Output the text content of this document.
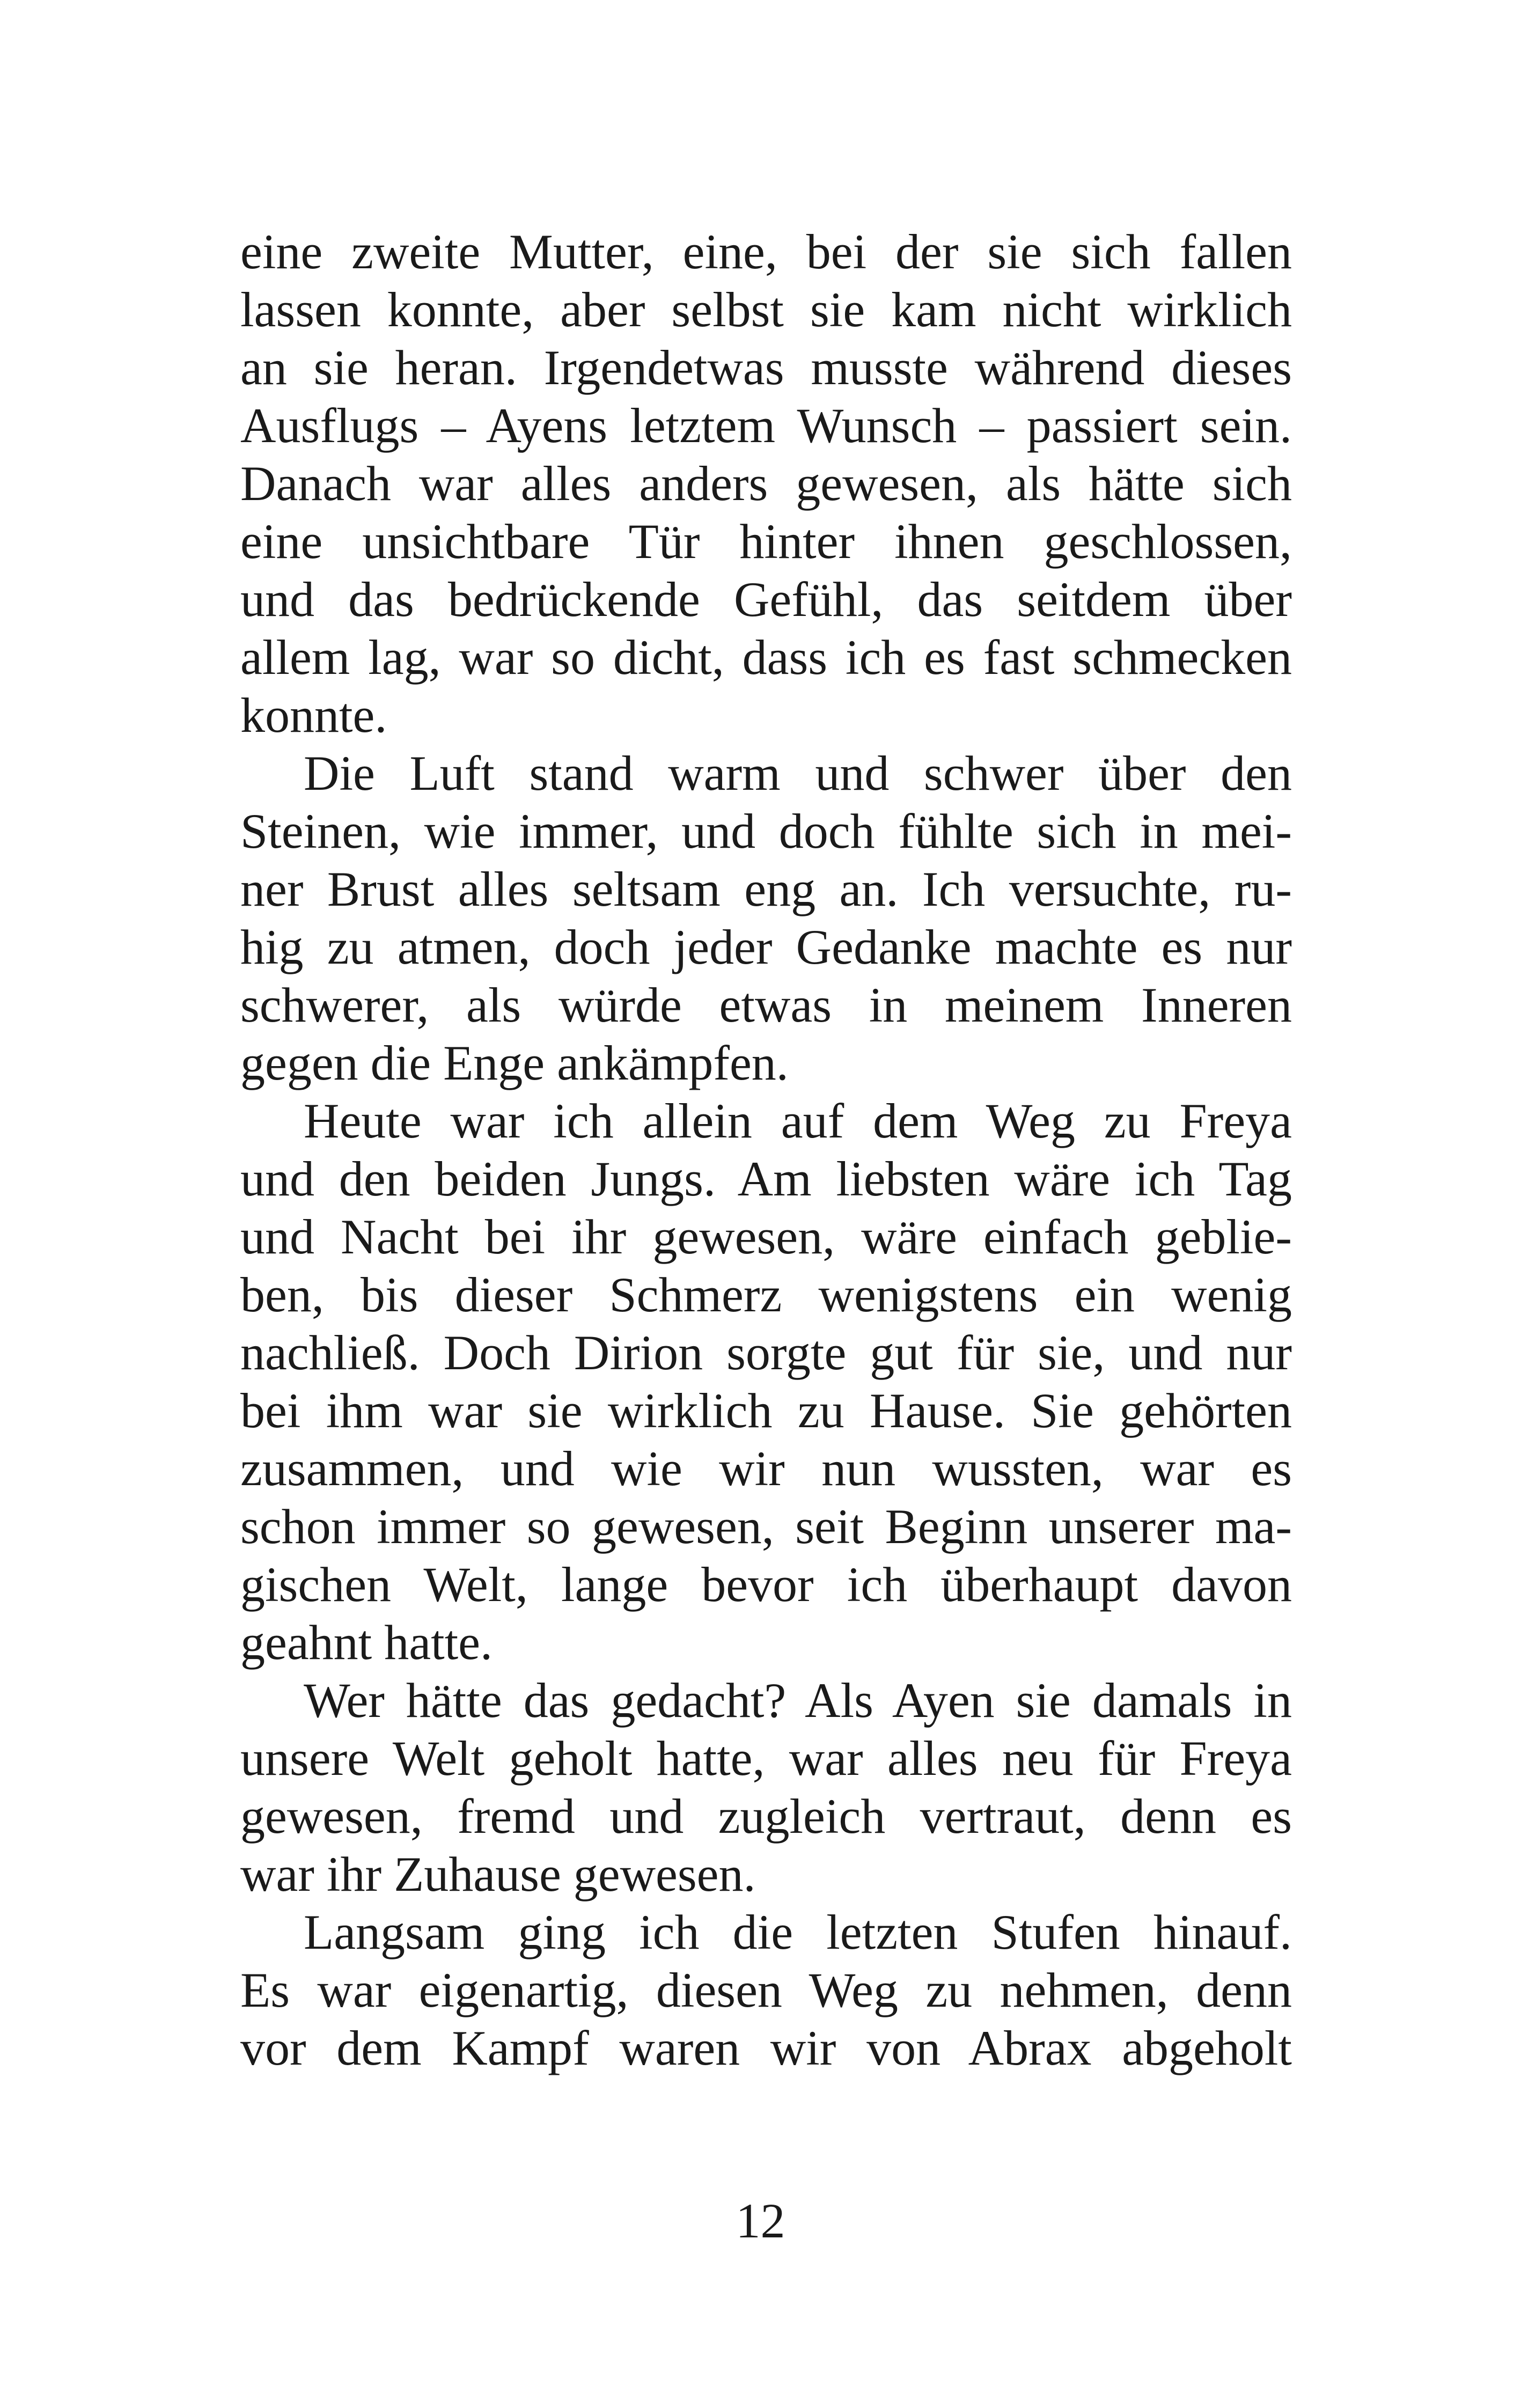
eine zweite Mutter, eine, bei der sie sich fallen
lassen konnte, aber selbst sie kam nicht wirklich
an sie heran. Irgendetwas musste während dieses
Ausflugs – Ayens letztem Wunsch – passiert sein.
Danach war alles anders gewesen, als hätte sich
eine unsichtbare Tür hinter ihnen geschlossen,
und das bedrückende Gefühl, das seitdem über
allem lag, war so dicht, dass ich es fast schmecken
konnte.
Die Luft stand warm und schwer über den
Steinen, wie immer, und doch fühlte sich in mei-
ner Brust alles seltsam eng an. Ich versuchte, ru-
hig zu atmen, doch jeder Gedanke machte es nur
schwerer, als würde etwas in meinem Inneren
gegen die Enge ankämpfen.
Heute war ich allein auf dem Weg zu Freya
und den beiden Jungs. Am liebsten wäre ich Tag
und Nacht bei ihr gewesen, wäre einfach geblie-
ben, bis dieser Schmerz wenigstens ein wenig
nachließ. Doch Dirion sorgte gut für sie, und nur
bei ihm war sie wirklich zu Hause. Sie gehörten
zusammen, und wie wir nun wussten, war es
schon immer so gewesen, seit Beginn unserer ma-
gischen Welt, lange bevor ich überhaupt davon
geahnt hatte.
Wer hätte das gedacht? Als Ayen sie damals in
unsere Welt geholt hatte, war alles neu für Freya
gewesen, fremd und zugleich vertraut, denn es
war ihr Zuhause gewesen.
Langsam ging ich die letzten Stufen hinauf.
Es war eigenartig, diesen Weg zu nehmen, denn
vor dem Kampf waren wir von Abrax abgeholt
12
